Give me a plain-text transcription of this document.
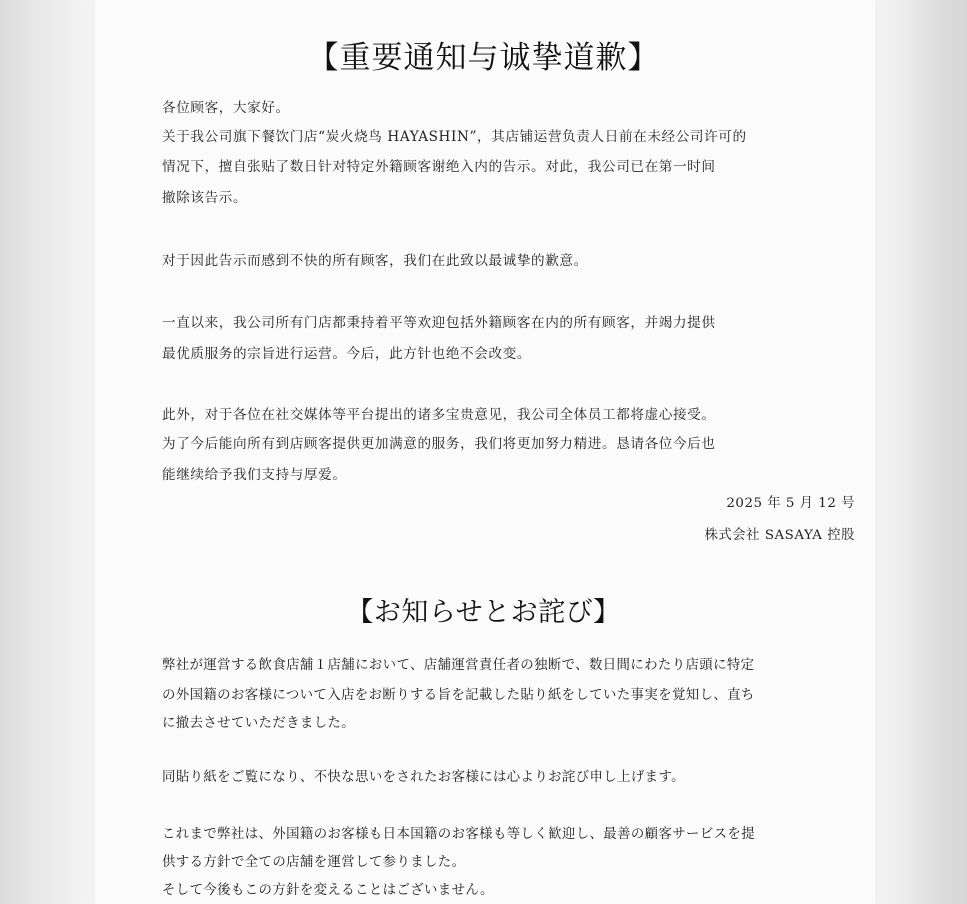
【重要通知与诚挚道歉】

各位顾客，大家好。

关于我公司旗下餐饮门店“炭火烧鸟 HAYASHIN”，其店铺运营负责人日前在未经公司许可的

情况下，擅自张贴了数日针对特定外籍顾客谢绝入内的告示。对此，我公司已在第一时间

撤除该告示。

对于因此告示而感到不快的所有顾客，我们在此致以最诚挚的歉意。

一直以来，我公司所有门店都秉持着平等欢迎包括外籍顾客在内的所有顾客，并竭力提供

最优质服务的宗旨进行运营。今后，此方针也绝不会改变。

此外，对于各位在社交媒体等平台提出的诸多宝贵意见，我公司全体员工都将虚心接受。

为了今后能向所有到店顾客提供更加满意的服务，我们将更加努力精进。恳请各位今后也

能继续给予我们支持与厚爱。

2025 年 5 月 12 号

株式会社 SASAYA 控股

【お知らせとお詫び】

弊社が運営する飲食店舗１店舗において、店舗運営責任者の独断で、数日間にわたり店頭に特定

の外国籍のお客様について入店をお断りする旨を記載した貼り紙をしていた事実を覚知し、直ち

に撤去させていただきました。

同貼り紙をご覧になり、不快な思いをされたお客様には心よりお詫び申し上げます。

これまで弊社は、外国籍のお客様も日本国籍のお客様も等しく歓迎し、最善の顧客サービスを提

供する方針で全ての店舗を運営して参りました。

そして今後もこの方針を変えることはございません。
